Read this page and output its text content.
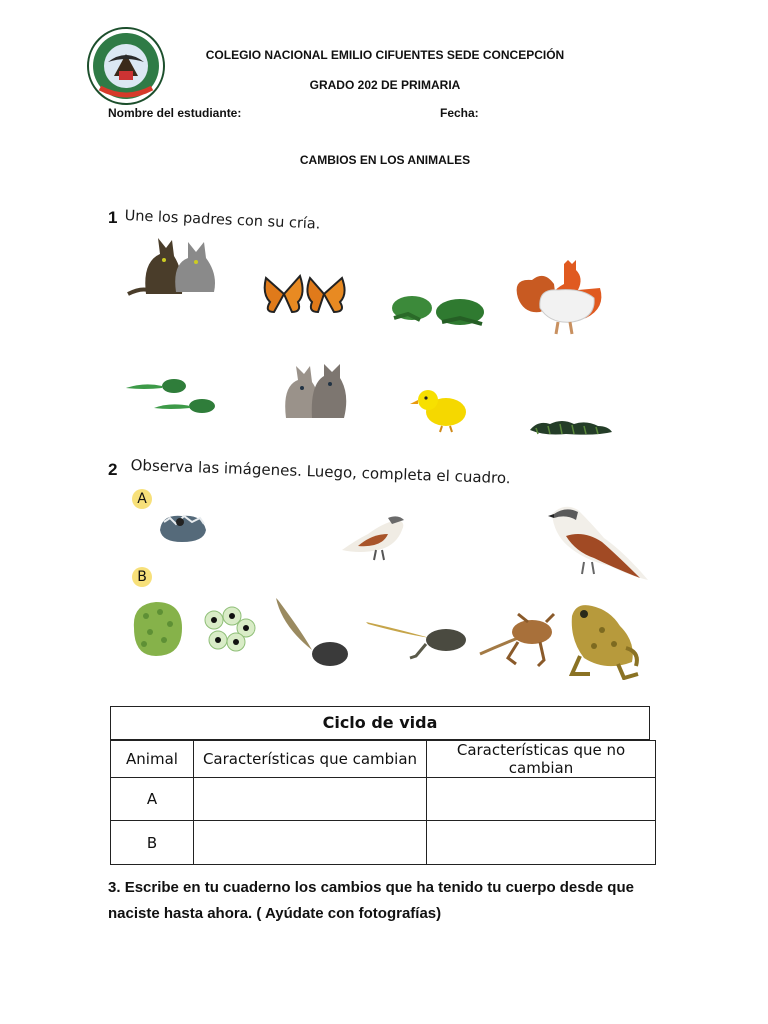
COLEGIO NACIONAL EMILIO CIFUENTES SEDE CONCEPCIÓN
GRADO 202 DE PRIMARIA
Nombre del estudiante:	Fecha:
CAMBIOS EN LOS ANIMALES
1 Une los padres con su cría.
2 Observa las imágenes. Luego, completa el cuadro.
A
B
Ciclo de vida
Animal	Características que cambian	Características que no cambian
A		
B		
3. Escribe en tu cuaderno los cambios que ha tenido tu cuerpo desde que
naciste hasta ahora. ( Ayúdate con fotografías)
